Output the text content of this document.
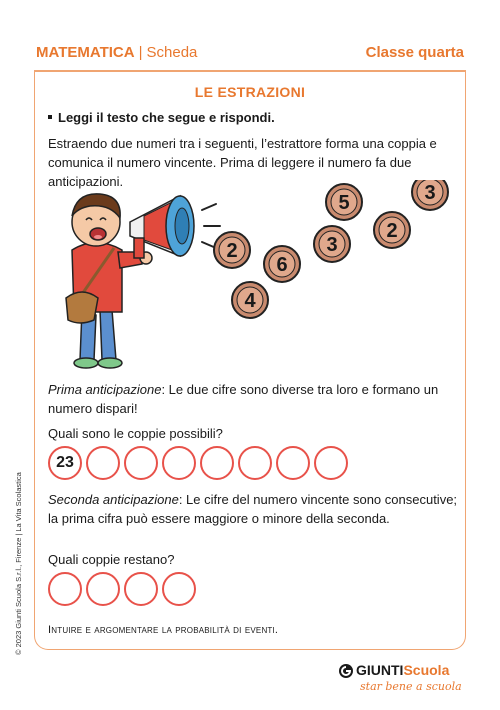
MATEMATICA | Scheda	Classe quarta
LE ESTRAZIONI
Leggi il testo che segue e rispondi.
Estraendo due numeri tra i seguenti, l’estrattore forma una coppia e comunica il numero vincente. Prima di leggere il numero fa due anticipazioni.
5	3
2
6
3
2
4
Prima anticipazione: Le due cifre sono diverse tra loro e formano un numero dispari!
Quali sono le coppie possibili?
23
Seconda anticipazione: Le cifre del numero vincente sono consecutive; la prima cifra può essere maggiore o minore della seconda.
Quali coppie restano?
Intuire e argomentare la probabilità di eventi.
© 2023 Giunti Scuola S.r.l., Firenze | La Vita Scolastica
GIUNTIScuola
star bene a scuola
